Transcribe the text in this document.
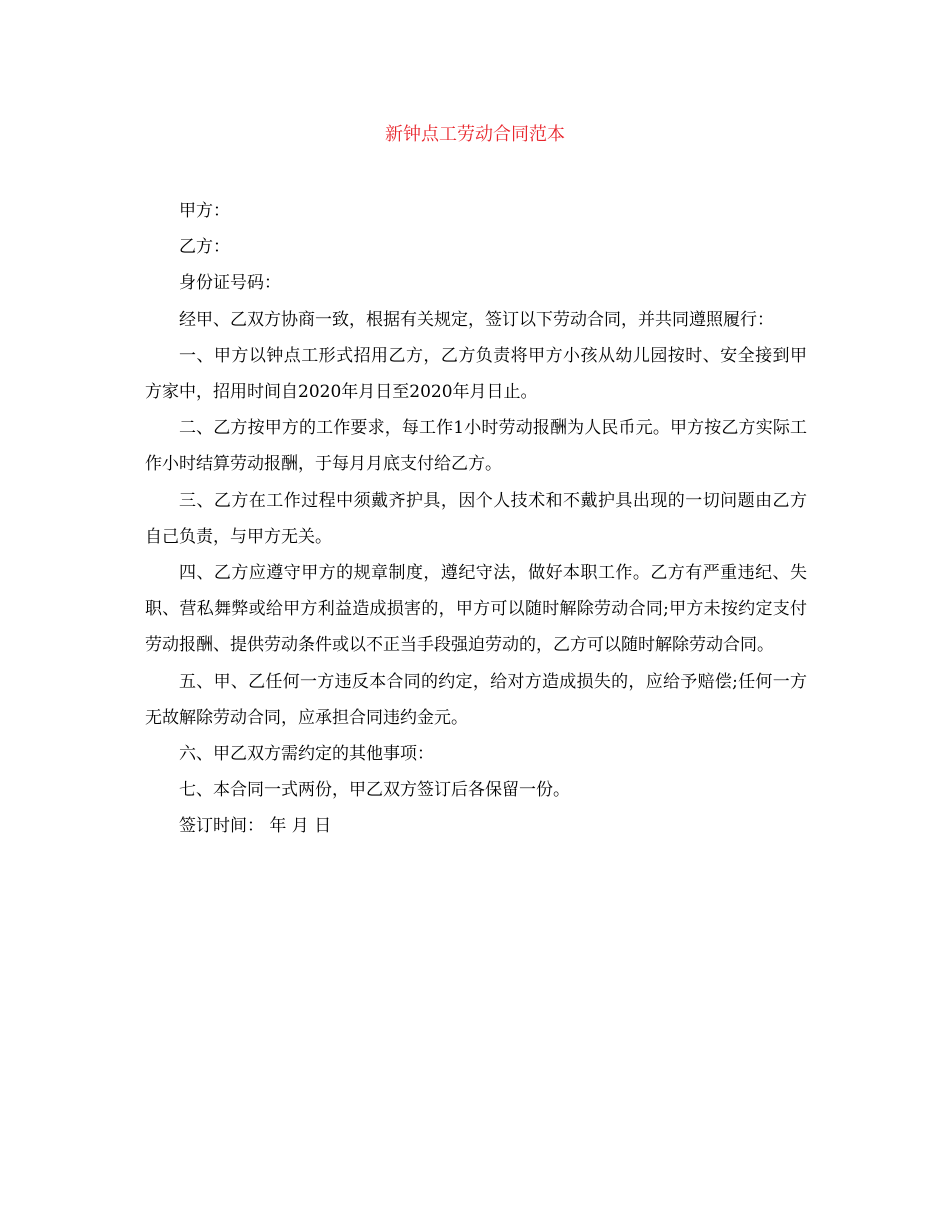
新钟点工劳动合同范本

甲方：

乙方：

身份证号码：

经甲、乙双方协商一致，根据有关规定，签订以下劳动合同，并共同遵照履行：

一、甲方以钟点工形式招用乙方，乙方负责将甲方小孩从幼儿园按时、安全接到甲方家中，招用时间自2020年月日至2020年月日止。

二、乙方按甲方的工作要求，每工作1小时劳动报酬为人民币元。甲方按乙方实际工作小时结算劳动报酬，于每月月底支付给乙方。

三、乙方在工作过程中须戴齐护具，因个人技术和不戴护具出现的一切问题由乙方自己负责，与甲方无关。

四、乙方应遵守甲方的规章制度，遵纪守法，做好本职工作。乙方有严重违纪、失职、营私舞弊或给甲方利益造成损害的，甲方可以随时解除劳动合同;甲方未按约定支付劳动报酬、提供劳动条件或以不正当手段强迫劳动的，乙方可以随时解除劳动合同。

五、甲、乙任何一方违反本合同的约定，给对方造成损失的，应给予赔偿;任何一方无故解除劳动合同，应承担合同违约金元。

六、甲乙双方需约定的其他事项：

七、本合同一式两份，甲乙双方签订后各保留一份。

签订时间： 年 月 日
